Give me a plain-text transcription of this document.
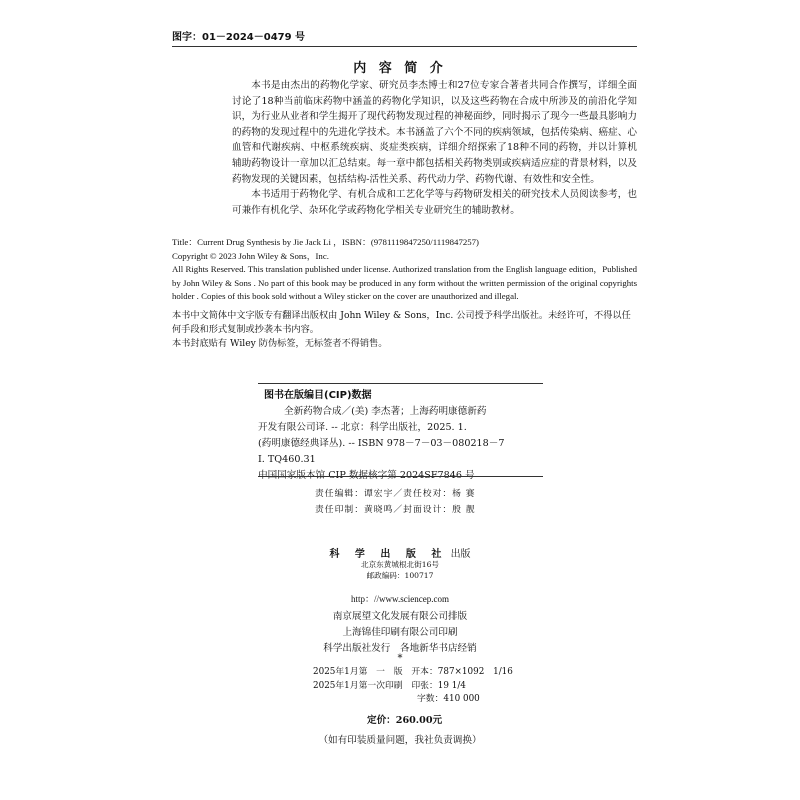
图字：01－2024－0479 号
内 容 简 介

本书是由杰出的药物化学家、研究员李杰博士和27位专家合著者共同合作撰写，详细全面讨论了18种当前临床药物中涵盖的药物化学知识，以及这些药物在合成中所涉及的前沿化学知识，为行业从业者和学生揭开了现代药物发现过程的神秘面纱，同时揭示了现今一些最具影响力的药物的发现过程中的先进化学技术。本书涵盖了六个不同的疾病领域，包括传染病、癌症、心血管和代谢疾病、中枢系统疾病、炎症类疾病，详细介绍探索了18种不同的药物，并以计算机辅助药物设计一章加以汇总结束。每一章中都包括相关药物类别或疾病适应症的背景材料，以及药物发现的关键因素，包括结构-活性关系、药代动力学、药物代谢、有效性和安全性。

本书适用于药物化学、有机合成和工艺化学等与药物研发相关的研究技术人员阅读参考，也可兼作有机化学、杂环化学或药物化学相关专业研究生的辅助教材。

Title：Current Drug Synthesis by Jie Jack Li ，ISBN：(9781119847250/1119847257)
Copyright © 2023 John Wiley & Sons，Inc.
All Rights Reserved. This translation published under license. Authorized translation from the English language edition，Published by John Wiley & Sons . No part of this book may be produced in any form without the written permission of the original copyrights holder . Copies of this book sold without a Wiley sticker on the cover are unauthorized and illegal.
本书中文简体中文字版专有翻译出版权由 John Wiley & Sons，Inc. 公司授予科学出版社。未经许可，不得以任何手段和形式复制或抄袭本书内容。
本书封底贴有 Wiley 防伪标签，无标签者不得销售。
图书在版编目(CIP)数据
全新药物合成／(美) 李杰著；上海药明康德新药
开发有限公司译. -- 北京：科学出版社，2025. 1.
(药明康德经典译丛). -- ISBN 978－7－03－080218－7
Ⅰ. TQ460.31
责任编辑：谭宏宇／责任校对：杨 赛
责任印制：黄晓鸣／封面设计：殷 靓
科 学 出 版 社 出版
北京东黄城根北街16号
邮政编码：100717
http：//www.sciencep.com
南京展望文化发展有限公司排版
上海锦佳印刷有限公司印刷
科学出版社发行　各地新华书店经销
*
2025年1月第　一　版　开本：787×1092　1/16
2025年1月第一次印刷　印张：19 1/4
字数：410 000
定价：260.00元
（如有印装质量问题，我社负责调换）
